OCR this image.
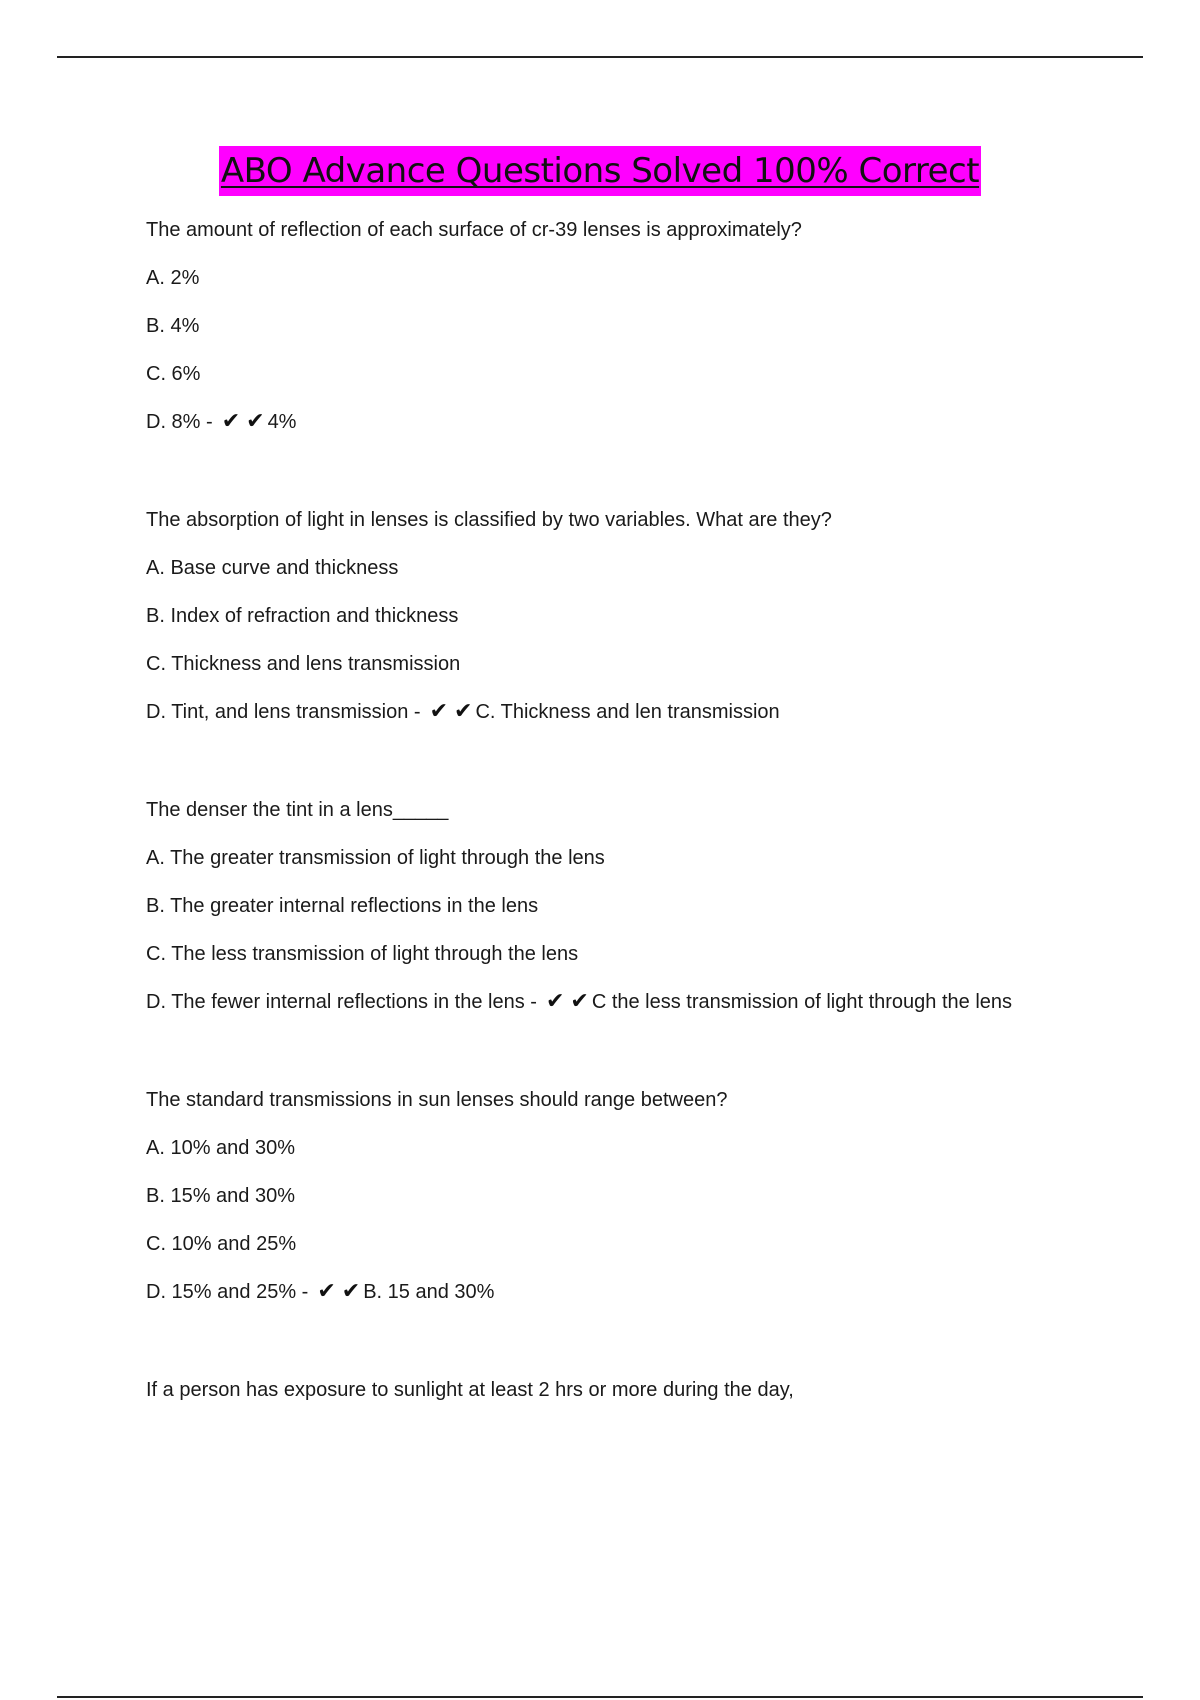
ABO Advance Questions Solved 100% Correct

The amount of reflection of each surface of cr-39 lenses is approximately?

A. 2%

B. 4%

C. 6%

D. 8% - ✔ ✔ 4%

The absorption of light in lenses is classified by two variables. What are they?

A. Base curve and thickness

B. Index of refraction and thickness

C. Thickness and lens transmission

D. Tint, and lens transmission - ✔ ✔ C. Thickness and len transmission

The denser the tint in a lens_____

A. The greater transmission of light through the lens

B. The greater internal reflections in the lens

C. The less transmission of light through the lens

D. The fewer internal reflections in the lens - ✔ ✔ C the less transmission of light through the lens

The standard transmissions in sun lenses should range between?

A. 10% and 30%

B. 15% and 30%

C. 10% and 25%

D. 15% and 25% - ✔ ✔ B. 15 and 30%

If a person has exposure to sunlight at least 2 hrs or more during the day,
